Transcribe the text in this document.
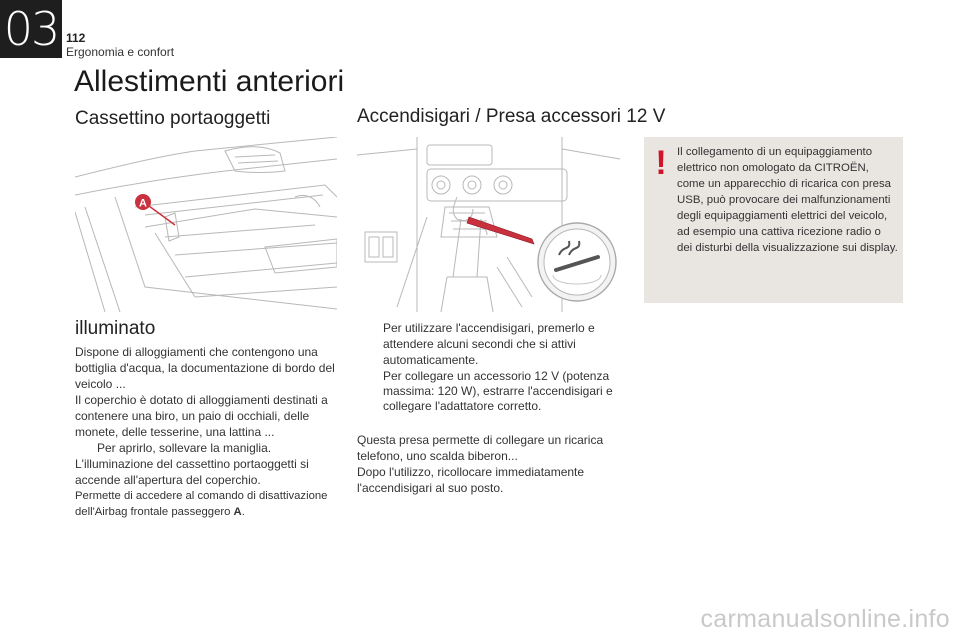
03 112
Ergonomia e confort
Allestimenti anteriori
Cassettino portaoggetti
A
illuminato

Dispone di alloggiamenti che contengono una bottiglia d'acqua, la documentazione di bordo del veicolo ...

Il coperchio è dotato di alloggiamenti destinati a contenere una biro, un paio di occhiali, delle monete, delle tesserine, una lattina ...

Per aprirlo, sollevare la maniglia.

L'illuminazione del cassettino portaoggetti si accende all'apertura del coperchio.

Permette di accedere al comando di disattivazione dell'Airbag frontale passeggero A.

Accendisigari / Presa accessori 12 V

Per utilizzare l'accendisigari, premerlo e attendere alcuni secondi che si attivi automaticamente.

Per collegare un accessorio 12 V (potenza massima: 120 W), estrarre l'accendisigari e collegare l'adattatore corretto.

Questa presa permette di collegare un ricarica telefono, uno scalda biberon...

Dopo l'utilizzo, ricollocare immediatamente l'accendisigari al suo posto.

! Il collegamento di un equipaggiamento elettrico non omologato da CITROËN, come un apparecchio di ricarica con presa USB, può provocare dei malfunzionamenti degli equipaggiamenti elettrici del veicolo, ad esempio una cattiva ricezione radio o dei disturbi della visualizzazione sui display.
carmanualsonline.info
